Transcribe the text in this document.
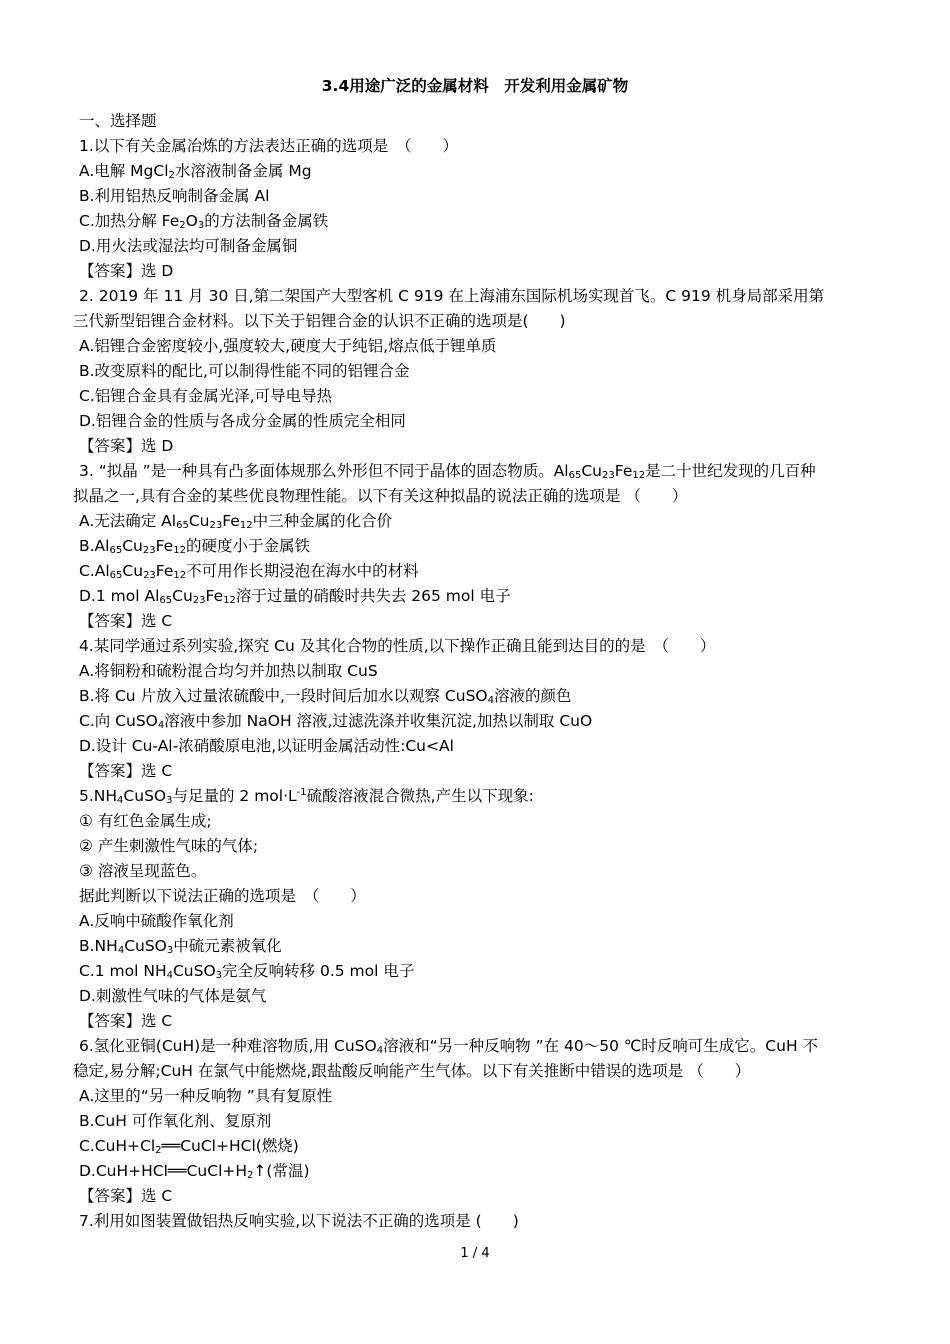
3.4用途广泛的金属材料　开发利用金属矿物
一、选择题
1.以下有关金属冶炼的方法表达正确的选项是　（　　）
A.电解 MgCl$_2$水溶液制备金属 Mg
B.利用铝热反响制备金属 Al
C.加热分解 $Fe_2O_3$的方法制备金属铁
D.用火法或湿法均可制备金属铜
【答案】选 D
2. 2019 年 11 月 30 日,第二架国产大型客机 C 919 在上海浦东国际机场实现首飞。C 919 机身局部采用第
三代新型铝锂合金材料。以下关于铝锂合金的认识不正确的选项是(　　)
A.铝锂合金密度较小,强度较大,硬度大于纯铝,熔点低于锂单质
B.改变原料的配比,可以制得性能不同的铝锂合金
C.铝锂合金具有金属光泽,可导电导热
D.铝锂合金的性质与各成分金属的性质完全相同
【答案】选 D
3. “拟晶 ”是一种具有凸多面体规那么外形但不同于晶体的固态物质。$Al_{65}Cu_{23}Fe_{12}$是二十世纪发现的几百种
拟晶之一,具有合金的某些优良物理性能。以下有关这种拟晶的说法正确的选项是 （　　）
A.无法确定 $Al_{65}Cu_{23}Fe_{12}$中三种金属的化合价
$B.Al_{65}Cu_{23}Fe_{12}$的硬度小于金属铁
$C.Al_{65}Cu_{23}Fe_{12}$不可用作长期浸泡在海水中的材料
D.1 mol $Al_{65}Cu_{23}Fe_{12}$溶于过量的硝酸时共失去 265 mol 电子
【答案】选 C
4.某同学通过系列实验,探究 Cu 及其化合物的性质,以下操作正确且能到达目的的是　（　　）
A.将铜粉和硫粉混合均匀并加热以制取 CuS
B.将 Cu 片放入过量浓硫酸中,一段时间后加水以观察 CuSO$_4$溶液的颜色
C.向 CuSO$_4$溶液中参加 NaOH 溶液,过滤洗涤并收集沉淀,加热以制取 CuO
D.设计 Cu-Al-浓硝酸原电池,以证明金属活动性:Cu<Al
【答案】选 C
$5.NH_4CuSO_3$与足量的 2 $mol\cdot L^{-1}$硫酸溶液混合微热,产生以下现象:
① 有红色金属生成;
② 产生刺激性气味的气体;
③ 溶液呈现蓝色。
据此判断以下说法正确的选项是　（　　）
A.反响中硫酸作氧化剂
$B.NH_4CuSO_3$中硫元素被氧化
C.1 mol $NH_4CuSO_3$完全反响转移 0.5 mol 电子
D.刺激性气味的气体是氨气
【答案】选 C
6.氢化亚铜(CuH)是一种难溶物质,用 CuSO$_4$溶液和“另一种反响物 ”在 40～50 ℃时反响可生成它。CuH 不
稳定,易分解;CuH 在氯气中能燃烧,跟盐酸反响能产生气体。以下有关推断中错误的选项是 （　　）
A.这里的“另一种反响物 ”具有复原性
B.CuH 可作氧化剂、复原剂
$C.CuH+Cl_2══CuCl+HCl$(燃烧)
$D.CuH+HCl══CuCl+H_2↑$(常温)
【答案】选 C
7.利用如图装置做铝热反响实验,以下说法不正确的选项是 (　　)
1 / 4
